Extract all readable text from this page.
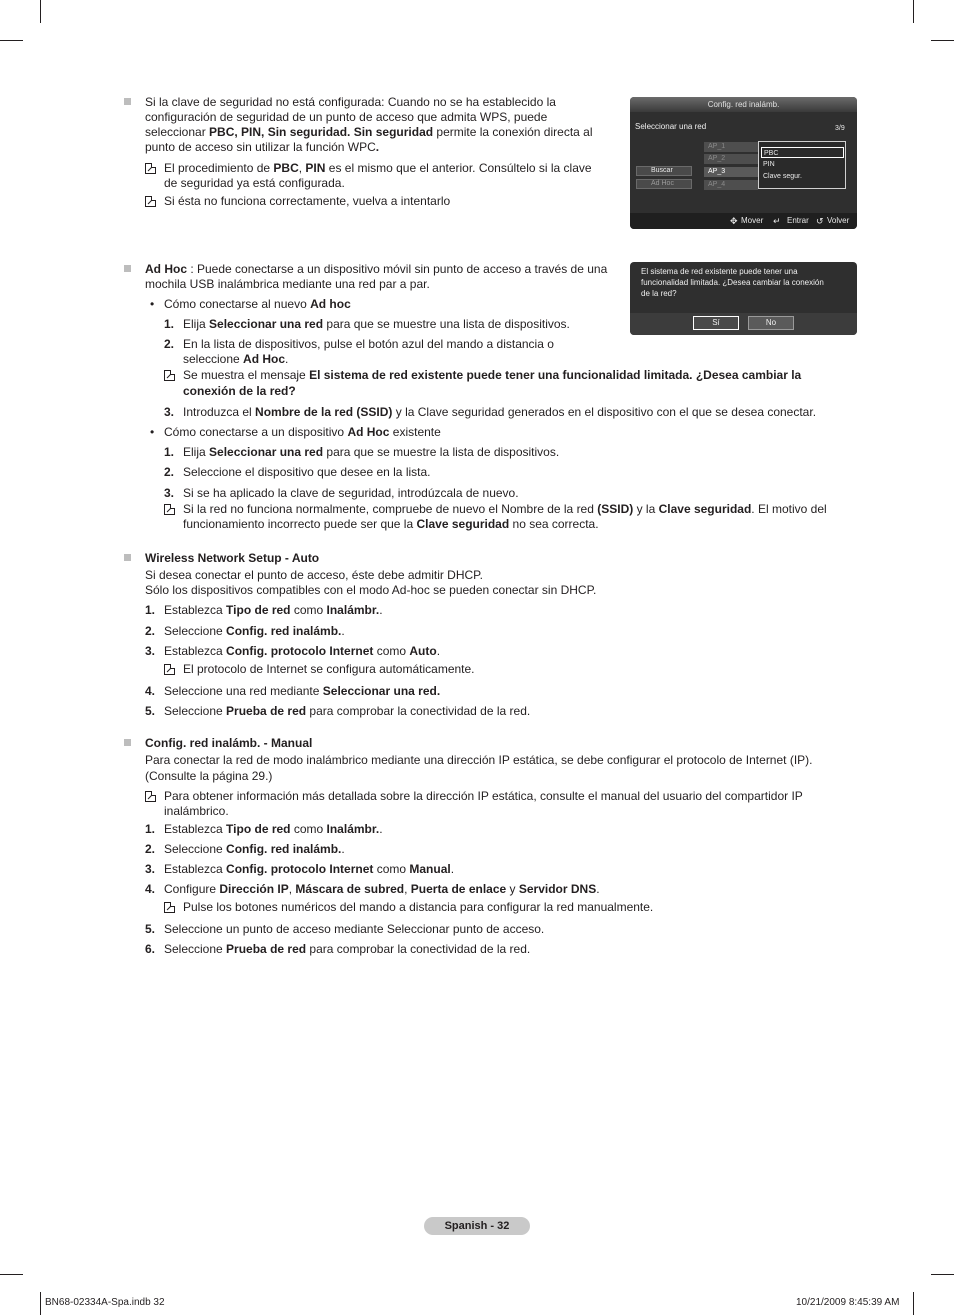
Si la clave de seguridad no está configurada: Cuando no se ha establecido la
configuración de seguridad de un punto de acceso que admita WPS, puede
seleccionar PBC, PIN, Sin seguridad. Sin seguridad permite la conexión directa al
punto de acceso sin utilizar la función WPC.
El procedimiento de PBC, PIN es el mismo que el anterior. Consúltelo si la clave
de seguridad ya está configurada.
Si ésta no funciona correctamente, vuelva a intentarlo
Config. red inalámb.
Seleccionar una red	3/9
Buscar
Ad Hoc
AP_1
AP_2
AP_3
AP_4
PBC
PIN
Clave segur.
✥ Mover ↵ Entrar ↺ Volver
Ad Hoc : Puede conectarse a un dispositivo móvil sin punto de acceso a través de una
mochila USB inalámbrica mediante una red par a par.
• Cómo conectarse al nuevo Ad hoc
1. Elija Seleccionar una red para que se muestre una lista de dispositivos.
2. En la lista de dispositivos, pulse el botón azul del mando a distancia o
seleccione Ad Hoc.
Se muestra el mensaje El sistema de red existente puede tener una funcionalidad limitada. ¿Desea cambiar la
conexión de la red?
3. Introduzca el Nombre de la red (SSID) y la Clave seguridad generados en el dispositivo con el que se desea conectar.
• Cómo conectarse a un dispositivo Ad Hoc existente
1. Elija Seleccionar una red para que se muestre la lista de dispositivos.
2. Seleccione el dispositivo que desee en la lista.
3. Si se ha aplicado la clave de seguridad, introdúzcala de nuevo.
Si la red no funciona normalmente, compruebe de nuevo el Nombre de la red (SSID) y la Clave seguridad. El motivo del
funcionamiento incorrecto puede ser que la Clave seguridad no sea correcta.
El sistema de red existente puede tener una
funcionalidad limitada. ¿Desea cambiar la conexión
de la red?
Sí	No
Wireless Network Setup - Auto
Si desea conectar el punto de acceso, éste debe admitir DHCP.
Sólo los dispositivos compatibles con el modo Ad-hoc se pueden conectar sin DHCP.
1. Establezca Tipo de red como Inalámbr..
2. Seleccione Config. red inalámb..
3. Establezca Config. protocolo Internet como Auto.
El protocolo de Internet se configura automáticamente.
4. Seleccione una red mediante Seleccionar una red.
5. Seleccione Prueba de red para comprobar la conectividad de la red.
Config. red inalámb. - Manual
Para conectar la red de modo inalámbrico mediante una dirección IP estática, se debe configurar el protocolo de Internet (IP).
(Consulte la página 29.)
Para obtener información más detallada sobre la dirección IP estática, consulte el manual del usuario del compartidor IP
inalámbrico.
1. Establezca Tipo de red como Inalámbr..
2. Seleccione Config. red inalámb..
3. Establezca Config. protocolo Internet como Manual.
4. Configure Dirección IP, Máscara de subred, Puerta de enlace y Servidor DNS.
Pulse los botones numéricos del mando a distancia para configurar la red manualmente.
5. Seleccione un punto de acceso mediante Seleccionar punto de acceso.
6. Seleccione Prueba de red para comprobar la conectividad de la red.
Spanish - 32
BN68-02334A-Spa.indb 32	10/21/2009 8:45:39 AM
